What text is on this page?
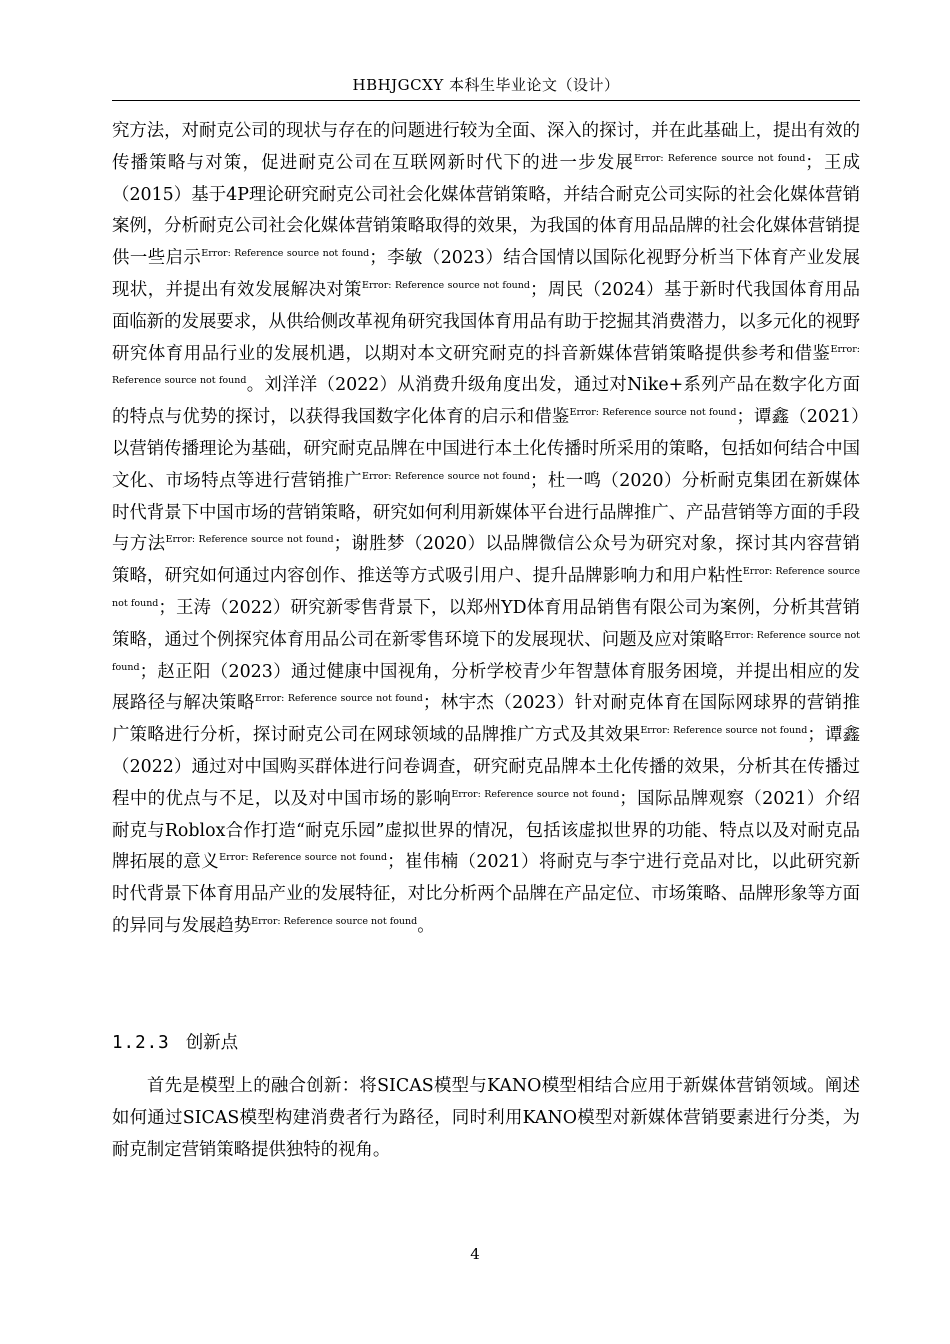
HBHJGCXY 本科生毕业论文（设计）

究方法，对耐克公司的现状与存在的问题进行较为全面、深入的探讨，并在此基础上，提出有效的传播策略与对策，促进耐克公司在互联网新时代下的进一步发展$^{Error: Reference source not found}$；王成（2015）基于4P理论研究耐克公司社会化媒体营销策略，并结合耐克公司实际的社会化媒体营销案例，分析耐克公司社会化媒体营销策略取得的效果，为我国的体育用品品牌的社会化媒体营销提供一些启示$^{Error: Reference source not found}$；李敏（2023）结合国情以国际化视野分析当下体育产业发展现状，并提出有效发展解决对策$^{Error: Reference source not found}$；周民（2024）基于新时代我国体育用品面临新的发展要求，从供给侧改革视角研究我国体育用品有助于挖掘其消费潜力，以多元化的视野研究体育用品行业的发展机遇，以期对本文研究耐克的抖音新媒体营销策略提供参考和借鉴$^{Error: Reference source not found}$。刘洋洋（2022）从消费升级角度出发，通过对Nike+系列产品在数字化方面的特点与优势的探讨，以获得我国数字化体育的启示和借鉴$^{Error: Reference source not found}$；谭鑫（2021）以营销传播理论为基础，研究耐克品牌在中国进行本土化传播时所采用的策略，包括如何结合中国文化、市场特点等进行营销推广$^{Error: Reference source not found}$；杜一鸣（2020）分析耐克集团在新媒体时代背景下中国市场的营销策略，研究如何利用新媒体平台进行品牌推广、产品营销等方面的手段与方法$^{Error: Reference source not found}$；谢胜梦（2020）以品牌微信公众号为研究对象，探讨其内容营销策略，研究如何通过内容创作、推送等方式吸引用户、提升品牌影响力和用户粘性$^{Error: Reference source not found}$；王涛（2022）研究新零售背景下，以郑州YD体育用品销售有限公司为案例，分析其营销策略，通过个例探究体育用品公司在新零售环境下的发展现状、问题及应对策略$^{Error: Reference source not found}$；赵正阳（2023）通过健康中国视角，分析学校青少年智慧体育服务困境，并提出相应的发展路径与解决策略$^{Error: Reference source not found}$；林宇杰（2023）针对耐克体育在国际网球界的营销推广策略进行分析，探讨耐克公司在网球领域的品牌推广方式及其效果$^{Error: Reference source not found}$；谭鑫（2022）通过对中国购买群体进行问卷调查，研究耐克品牌本土化传播的效果，分析其在传播过程中的优点与不足，以及对中国市场的影响$^{Error: Reference source not found}$；国际品牌观察（2021）介绍耐克与Roblox合作打造“耐克乐园”虚拟世界的情况，包括该虚拟世界的功能、特点以及对耐克品牌拓展的意义$^{Error: Reference source not found}$；崔伟楠（2021）将耐克与李宁进行竞品对比，以此研究新时代背景下体育用品产业的发展特征，对比分析两个品牌在产品定位、市场策略、品牌形象等方面的异同与发展趋势$^{Error: Reference source not found}$。

1.2.3 创新点

首先是模型上的融合创新：将SICAS模型与KANO模型相结合应用于新媒体营销领域。阐述如何通过SICAS模型构建消费者行为路径，同时利用KANO模型对新媒体营销要素进行分类，为耐克制定营销策略提供独特的视角。

4
